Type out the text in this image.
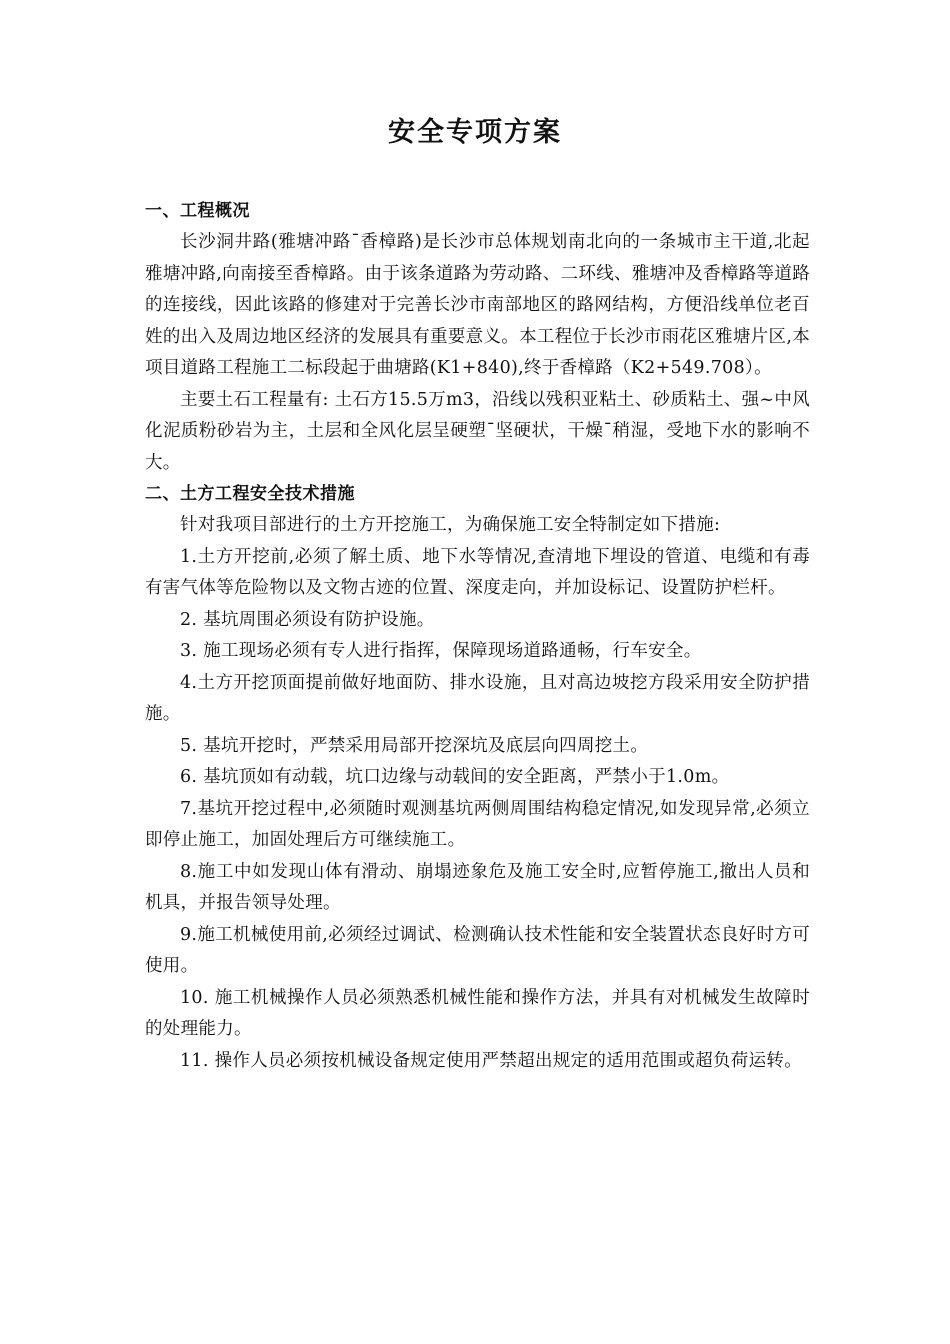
安全专项方案
一、工程概况

长沙洞井路(雅塘冲路¯香樟路)是长沙市总体规划南北向的一条城市主干道,北起雅塘冲路,向南接至香樟路。由于该条道路为劳动路、二环线、雅塘冲及香樟路等道路的连接线，因此该路的修建对于完善长沙市南部地区的路网结构，方便沿线单位老百姓的出入及周边地区经济的发展具有重要意义。本工程位于长沙市雨花区雅塘片区,本项目道路工程施工二标段起于曲塘路(K1+840),终于香樟路（K2+549.708）。

主要土石工程量有: 土石方15.5万m3，沿线以残积亚粘土、砂质粘土、强~中风化泥质粉砂岩为主，土层和全风化层呈硬塑¯坚硬状，干燥¯稍湿，受地下水的影响不大。

二、土方工程安全技术措施

针对我项目部进行的土方开挖施工，为确保施工安全特制定如下措施:

1.土方开挖前,必须了解土质、地下水等情况,查清地下埋设的管道、电缆和有毒有害气体等危险物以及文物古迹的位置、深度走向，并加设标记、设置防护栏杆。

2. 基坑周围必须设有防护设施。

3. 施工现场必须有专人进行指挥，保障现场道路通畅，行车安全。

4.土方开挖顶面提前做好地面防、排水设施，且对高边坡挖方段采用安全防护措施。

5. 基坑开挖时，严禁采用局部开挖深坑及底层向四周挖土。

6. 基坑顶如有动载，坑口边缘与动载间的安全距离，严禁小于1.0m。

7.基坑开挖过程中,必须随时观测基坑两侧周围结构稳定情况,如发现异常,必须立即停止施工，加固处理后方可继续施工。

8.施工中如发现山体有滑动、崩塌迹象危及施工安全时,应暂停施工,撤出人员和机具，并报告领导处理。

9.施工机械使用前,必须经过调试、检测确认技术性能和安全装置状态良好时方可使用。

10. 施工机械操作人员必须熟悉机械性能和操作方法，并具有对机械发生故障时的处理能力。

11. 操作人员必须按机械设备规定使用严禁超出规定的适用范围或超负荷运转。
